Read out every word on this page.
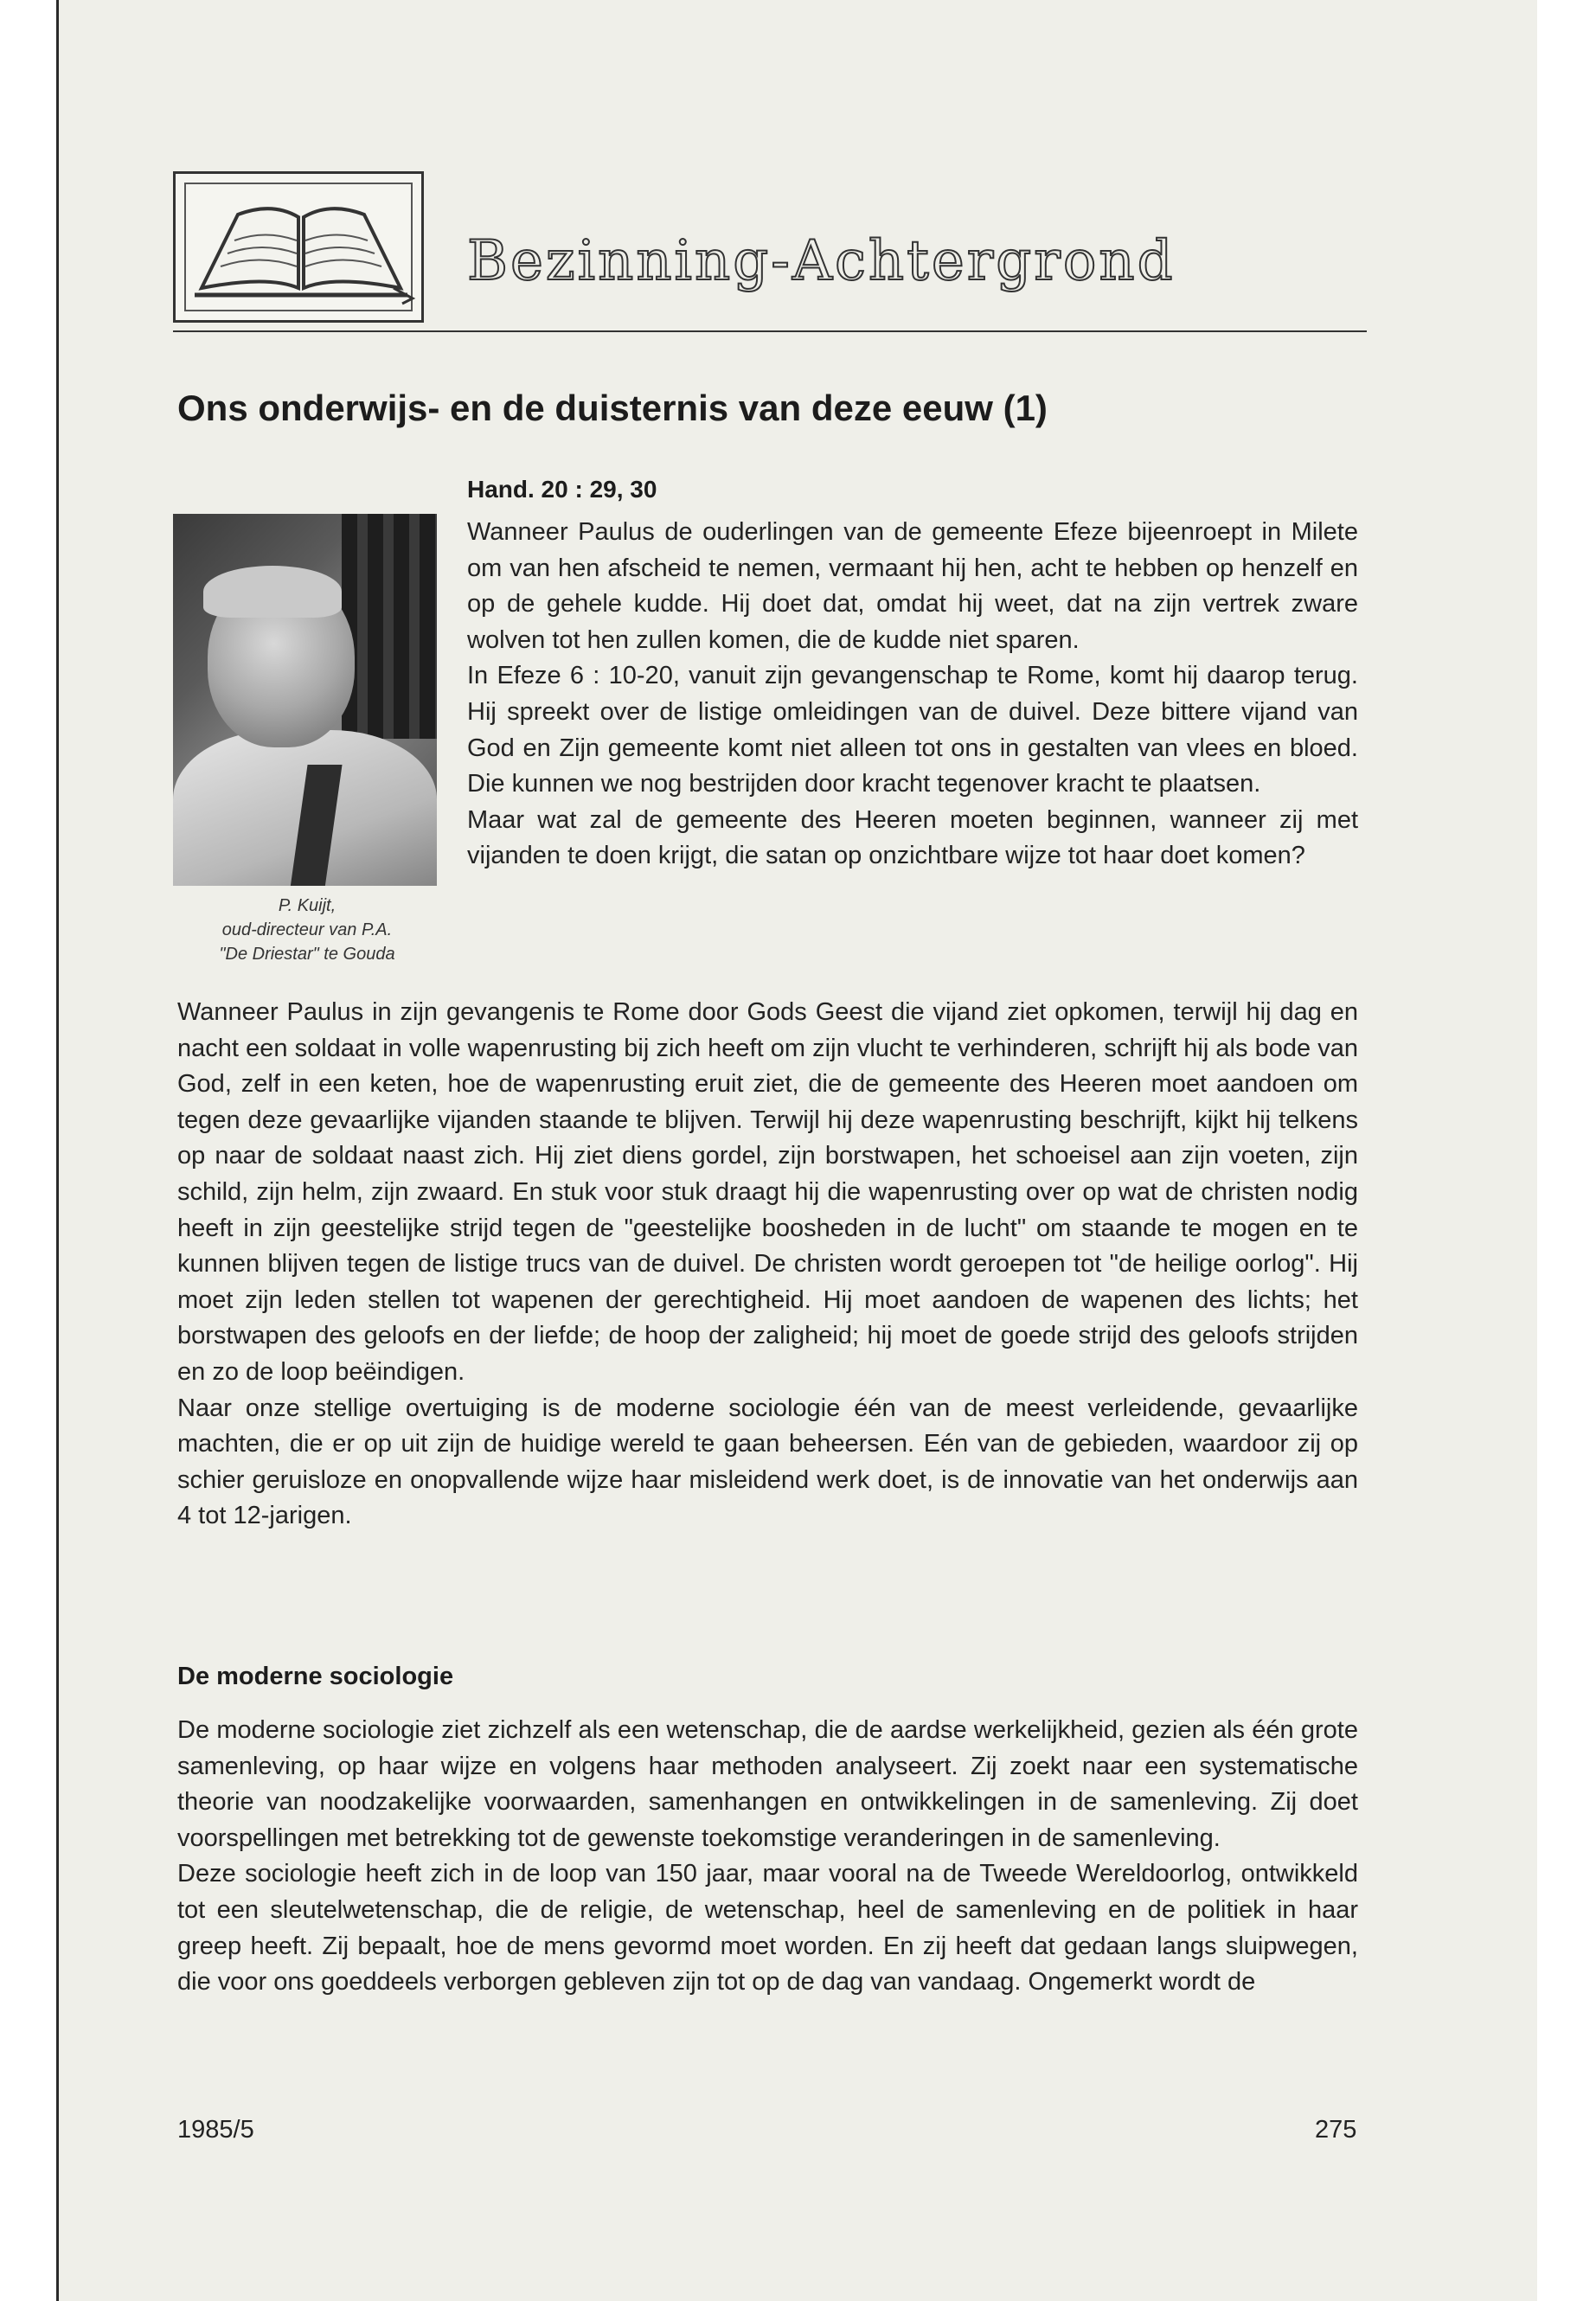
Bezinning-Achtergrond
Ons onderwijs- en de duisternis van deze eeuw (1)
Hand. 20 : 29, 30
P. Kuijt,
oud-directeur van P.A.
"De Driestar" te Gouda

Wanneer Paulus de ouderlingen van de gemeente Efeze bijeenroept in Milete om van hen afscheid te nemen, vermaant hij hen, acht te hebben op henzelf en op de gehele kudde. Hij doet dat, omdat hij weet, dat na zijn vertrek zware wolven tot hen zullen komen, die de kudde niet sparen.

In Efeze 6 : 10-20, vanuit zijn gevangenschap te Rome, komt hij daarop terug. Hij spreekt over de listige omleidingen van de duivel. Deze bittere vijand van God en Zijn gemeente komt niet alleen tot ons in gestalten van vlees en bloed. Die kunnen we nog bestrijden door kracht tegenover kracht te plaatsen.

Maar wat zal de gemeente des Heeren moeten beginnen, wanneer zij met vijanden te doen krijgt, die satan op onzichtbare wijze tot haar doet komen?

Wanneer Paulus in zijn gevangenis te Rome door Gods Geest die vijand ziet opkomen, terwijl hij dag en nacht een soldaat in volle wapenrusting bij zich heeft om zijn vlucht te verhinderen, schrijft hij als bode van God, zelf in een keten, hoe de wapenrusting eruit ziet, die de gemeente des Heeren moet aandoen om tegen deze gevaarlijke vijanden staande te blijven. Terwijl hij deze wapenrusting beschrijft, kijkt hij telkens op naar de soldaat naast zich. Hij ziet diens gordel, zijn borstwapen, het schoeisel aan zijn voeten, zijn schild, zijn helm, zijn zwaard. En stuk voor stuk draagt hij die wapenrusting over op wat de christen nodig heeft in zijn geestelijke strijd tegen de "geestelijke boosheden in de lucht" om staande te mogen en te kunnen blijven tegen de listige trucs van de duivel. De christen wordt geroepen tot "de heilige oorlog". Hij moet zijn leden stellen tot wapenen der gerechtigheid. Hij moet aandoen de wapenen des lichts; het borstwapen des geloofs en der liefde; de hoop der zaligheid; hij moet de goede strijd des geloofs strijden en zo de loop beëindigen.

Naar onze stellige overtuiging is de moderne sociologie één van de meest verleidende, gevaarlijke machten, die er op uit zijn de huidige wereld te gaan beheersen. Eén van de gebieden, waardoor zij op schier geruisloze en onopvallende wijze haar misleidend werk doet, is de innovatie van het onderwijs aan 4 tot 12-jarigen.

De moderne sociologie

De moderne sociologie ziet zichzelf als een wetenschap, die de aardse werkelijkheid, gezien als één grote samenleving, op haar wijze en volgens haar methoden analyseert. Zij zoekt naar een systematische theorie van noodzakelijke voorwaarden, samenhangen en ontwikkelingen in de samenleving. Zij doet voorspellingen met betrekking tot de gewenste toekomstige veranderingen in de samenleving.

Deze sociologie heeft zich in de loop van 150 jaar, maar vooral na de Tweede Wereldoorlog, ontwikkeld tot een sleutelwetenschap, die de religie, de wetenschap, heel de samenleving en de politiek in haar greep heeft. Zij bepaalt, hoe de mens gevormd moet worden. En zij heeft dat gedaan langs sluipwegen, die voor ons goeddeels verborgen gebleven zijn tot op de dag van vandaag. Ongemerkt wordt de

1985/5	275
